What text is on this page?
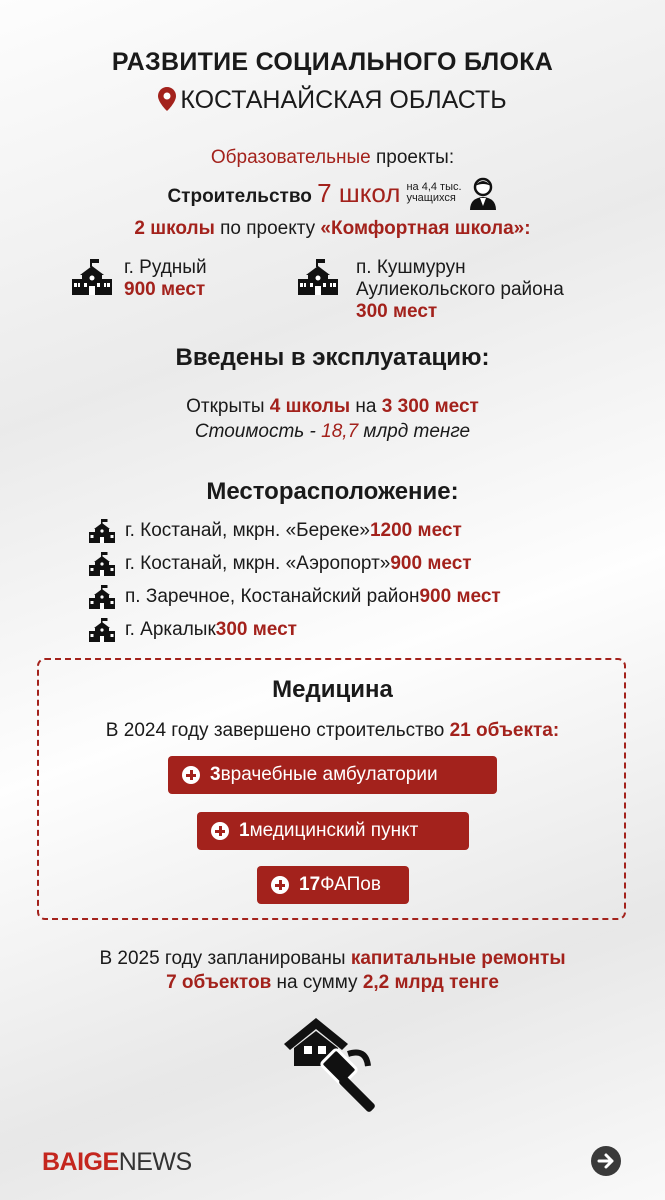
РАЗВИТИЕ СОЦИАЛЬНОГО БЛОКА
КОСТАНАЙСКАЯ ОБЛАСТЬ
Образовательные проекты:
Строительство 7 школ на 4,4 тыс.
учащихся
2 школы по проекту «Комфортная школа»:
г. Рудный
900 мест
п. Кушмурун
Аулиекольского района
300 мест
Введены в эксплуатацию:
Открыты 4 школы на 3 300 мест
Стоимость - 18,7 млрд тенге
Месторасположение:
г. Костанай, мкрн. «Береке» 1200 мест
г. Костанай, мкрн. «Аэропорт» 900 мест
п. Заречное, Костанайский район 900 мест
г. Аркалык 300 мест
Медицина
В 2024 году завершено строительство 21 объекта:
3 врачебные амбулатории
1 медицинский пункт
17 ФАПов
В 2025 году запланированы капитальные ремонты
7 объектов на сумму 2,2 млрд тенге
BAIGENEWS
